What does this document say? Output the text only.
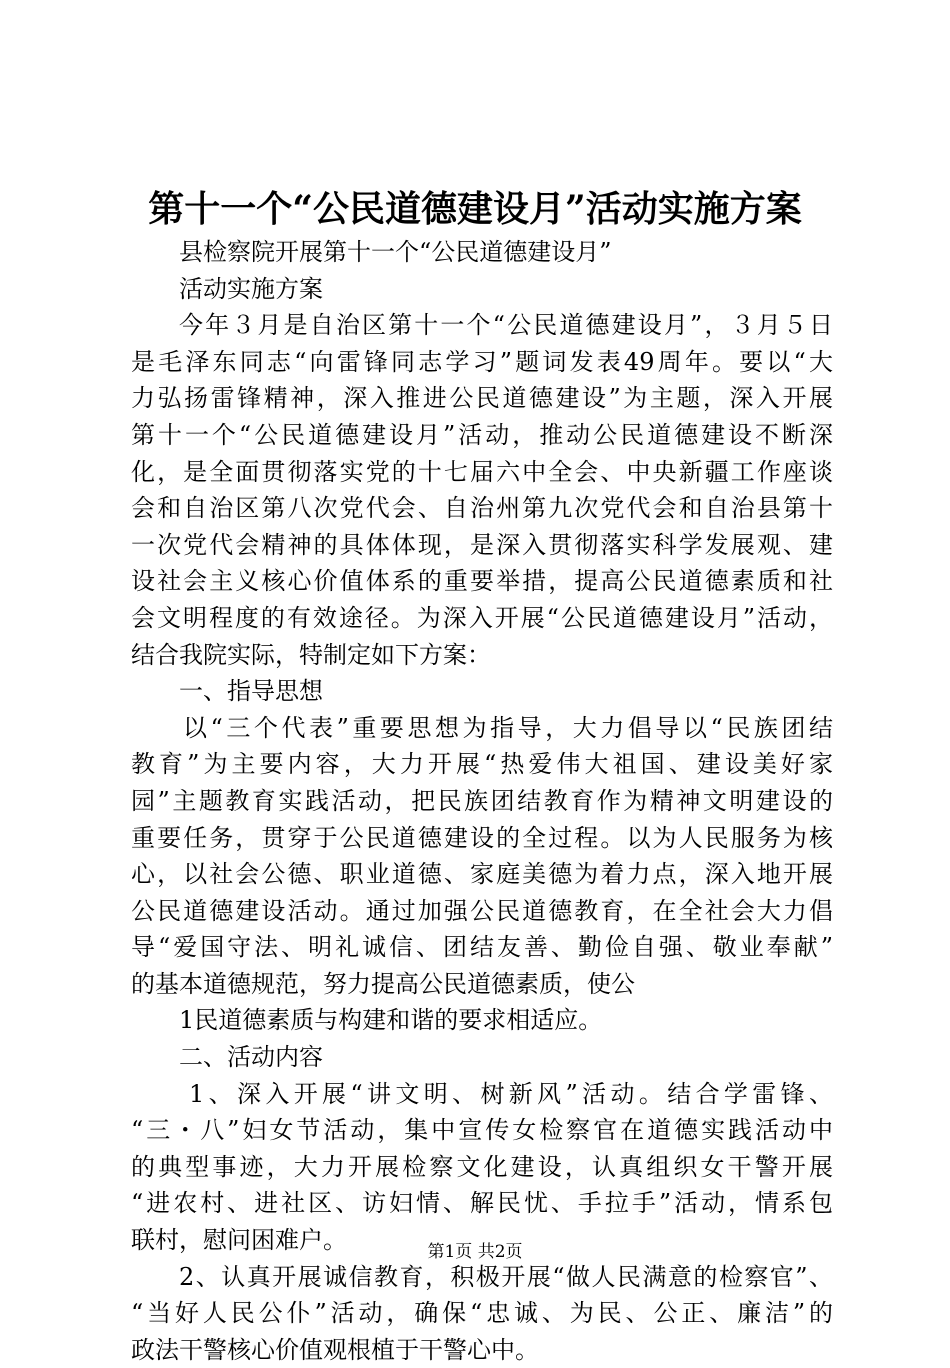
第十一个“公民道德建设月”活动实施方案
县检察院开展第十一个“公民道德建设月”
活动实施方案
今年３月是自治区第十一个“公民道德建设月”，３月５日
是毛泽东同志“向雷锋同志学习”题词发表49周年。要以“大
力弘扬雷锋精神，深入推进公民道德建设”为主题，深入开展
第十一个“公民道德建设月”活动，推动公民道德建设不断深
化，是全面贯彻落实党的十七届六中全会、中央新疆工作座谈
会和自治区第八次党代会、自治州第九次党代会和自治县第十
一次党代会精神的具体体现，是深入贯彻落实科学发展观、建
设社会主义核心价值体系的重要举措，提高公民道德素质和社
会文明程度的有效途径。为深入开展“公民道德建设月”活动，
结合我院实际，特制定如下方案：
一、指导思想
以“三个代表”重要思想为指导，大力倡导以“民族团结
教育”为主要内容，大力开展“热爱伟大祖国、建设美好家
园”主题教育实践活动，把民族团结教育作为精神文明建设的
重要任务，贯穿于公民道德建设的全过程。以为人民服务为核
心，以社会公德、职业道德、家庭美德为着力点，深入地开展
公民道德建设活动。通过加强公民道德教育，在全社会大力倡
导“爱国守法、明礼诚信、团结友善、勤俭自强、敬业奉献”
的基本道德规范，努力提高公民道德素质，使公
1民道德素质与构建和谐的要求相适应。
二、活动内容
1、深入开展“讲文明、树新风”活动。结合学雷锋、
“三・八”妇女节活动，集中宣传女检察官在道德实践活动中
的典型事迹，大力开展检察文化建设，认真组织女干警开展
“进农村、进社区、访妇情、解民忧、手拉手”活动，情系包
联村，慰问困难户。
2、认真开展诚信教育，积极开展“做人民满意的检察官”、
“当好人民公仆”活动，确保“忠诚、为民、公正、廉洁”的
政法干警核心价值观根植于干警心中。
第1页 共2页
